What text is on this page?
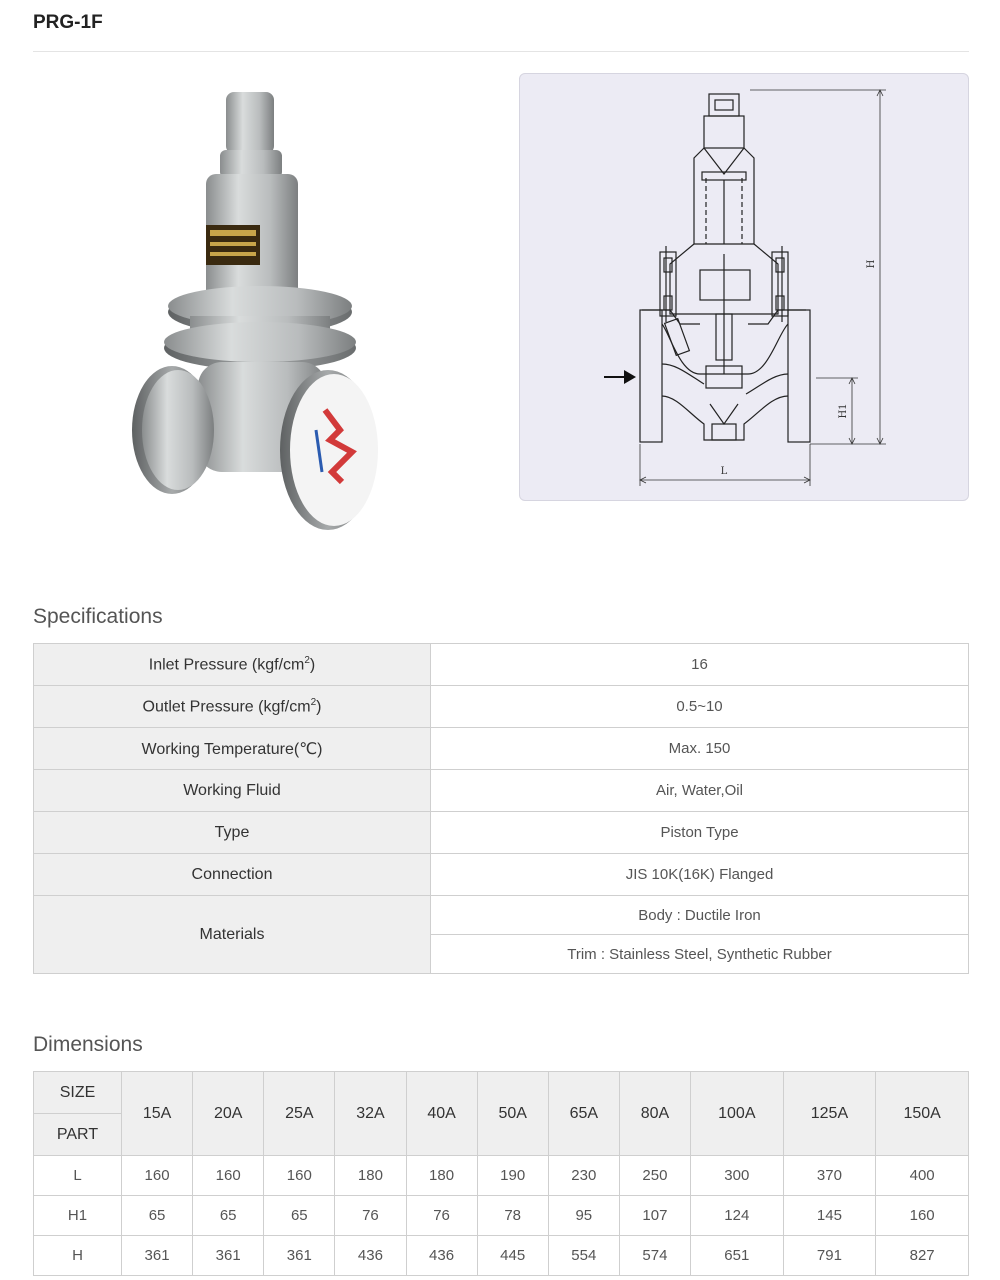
PRG-1F
H
H1
L
Specifications
Inlet Pressure $(kgf/cm^2)$	16
Outlet Pressure $(kgf/cm^2)$	0.5~10
Working Temperature(℃)	Max. 150
Working Fluid	Air, Water,Oil
Type	Piston Type
Connection	JIS 10K(16K) Flanged
Materials	Body : Ductile Iron
	Trim : Stainless Steel, Synthetic Rubber
Dimensions
SIZE	15A	20A	25A	32A	40A	50A	65A	80A	100A	125A	150A
PART											
L	160	160	160	180	180	190	230	250	300	370	400
H1	65	65	65	76	76	78	95	107	124	145	160
H	361	361	361	436	436	445	554	574	651	791	827
